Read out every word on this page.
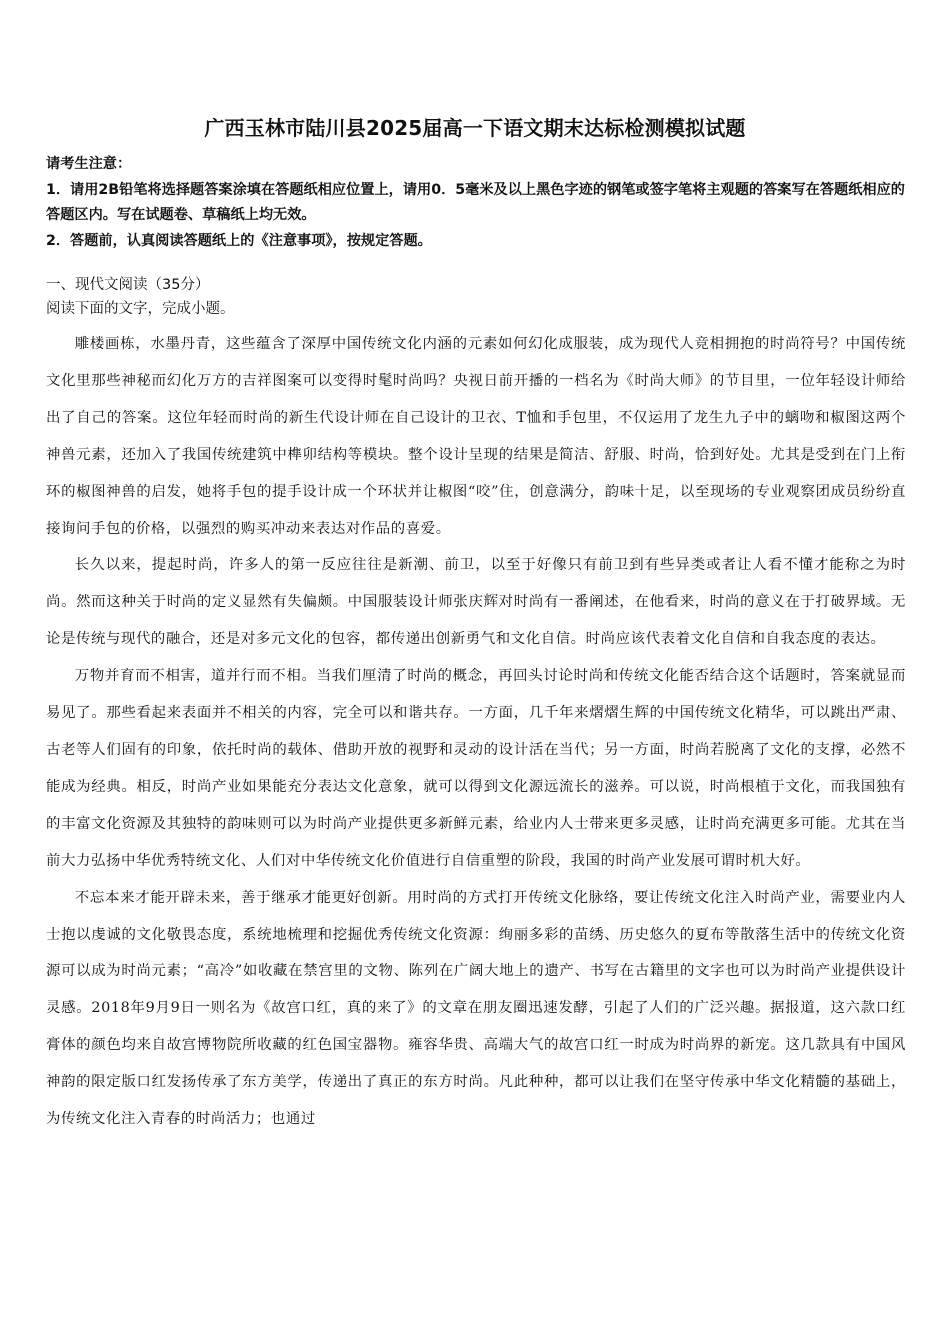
广西玉林市陆川县2025届高一下语文期末达标检测模拟试题

请考生注意：

1．请用2B铅笔将选择题答案涂填在答题纸相应位置上，请用0．5毫米及以上黑色字迹的钢笔或签字笔将主观题的答案写在答题纸相应的答题区内。写在试题卷、草稿纸上均无效。

2．答题前，认真阅读答题纸上的《注意事项》，按规定答题。

一、现代文阅读（35分）
阅读下面的文字，完成小题。

雕楼画栋，水墨丹青，这些蕴含了深厚中国传统文化内涵的元素如何幻化成服装，成为现代人竞相拥抱的时尚符号？中国传统文化里那些神秘而幻化万方的吉祥图案可以变得时髦时尚吗？央视日前开播的一档名为《时尚大师》的节目里，一位年轻设计师给出了自己的答案。这位年轻而时尚的新生代设计师在自己设计的卫衣、T恤和手包里，不仅运用了龙生九子中的螭吻和椒图这两个神兽元素，还加入了我国传统建筑中榫卯结构等模块。整个设计呈现的结果是简洁、舒服、时尚，恰到好处。尤其是受到在门上衔环的椒图神兽的启发，她将手包的提手设计成一个环状并让椒图“咬”住，创意满分，韵味十足，以至现场的专业观察团成员纷纷直接询问手包的价格，以强烈的购买冲动来表达对作品的喜爱。

长久以来，提起时尚，许多人的第一反应往往是新潮、前卫，以至于好像只有前卫到有些异类或者让人看不懂才能称之为时尚。然而这种关于时尚的定义显然有失偏颇。中国服装设计师张庆辉对时尚有一番阐述，在他看来，时尚的意义在于打破界域。无论是传统与现代的融合，还是对多元文化的包容，都传递出创新勇气和文化自信。时尚应该代表着文化自信和自我态度的表达。

万物并育而不相害，道并行而不相。当我们厘清了时尚的概念，再回头讨论时尚和传统文化能否结合这个话题时，答案就显而易见了。那些看起来表面并不相关的内容，完全可以和谐共存。一方面，几千年来熠熠生辉的中国传统文化精华，可以跳出严肃、古老等人们固有的印象，依托时尚的载体、借助开放的视野和灵动的设计活在当代；另一方面，时尚若脱离了文化的支撑，必然不能成为经典。相反，时尚产业如果能充分表达文化意象，就可以得到文化源远流长的滋养。可以说，时尚根植于文化，而我国独有的丰富文化资源及其独特的韵味则可以为时尚产业提供更多新鲜元素，给业内人士带来更多灵感，让时尚充满更多可能。尤其在当前大力弘扬中华优秀特统文化、人们对中华传统文化价值进行自信重塑的阶段，我国的时尚产业发展可谓时机大好。

不忘本来才能开辟未来，善于继承才能更好创新。用时尚的方式打开传统文化脉络，要让传统文化注入时尚产业，需要业内人士抱以虔诚的文化敬畏态度，系统地梳理和挖掘优秀传统文化资源：绚丽多彩的苗绣、历史悠久的夏布等散落生活中的传统文化资源可以成为时尚元素；“高冷”如收藏在禁宫里的文物、陈列在广阔大地上的遗产、书写在古籍里的文字也可以为时尚产业提供设计灵感。2018年9月9日一则名为《故宫口红，真的来了》的文章在朋友圈迅速发酵，引起了人们的广泛兴趣。据报道，这六款口红膏体的颜色均来自故宫博物院所收藏的红色国宝器物。雍容华贵、高端大气的故宫口红一时成为时尚界的新宠。这几款具有中国风神韵的限定版口红发扬传承了东方美学，传递出了真正的东方时尚。凡此种种，都可以让我们在坚守传承中华文化精髓的基础上，为传统文化注入青春的时尚活力；也通过
